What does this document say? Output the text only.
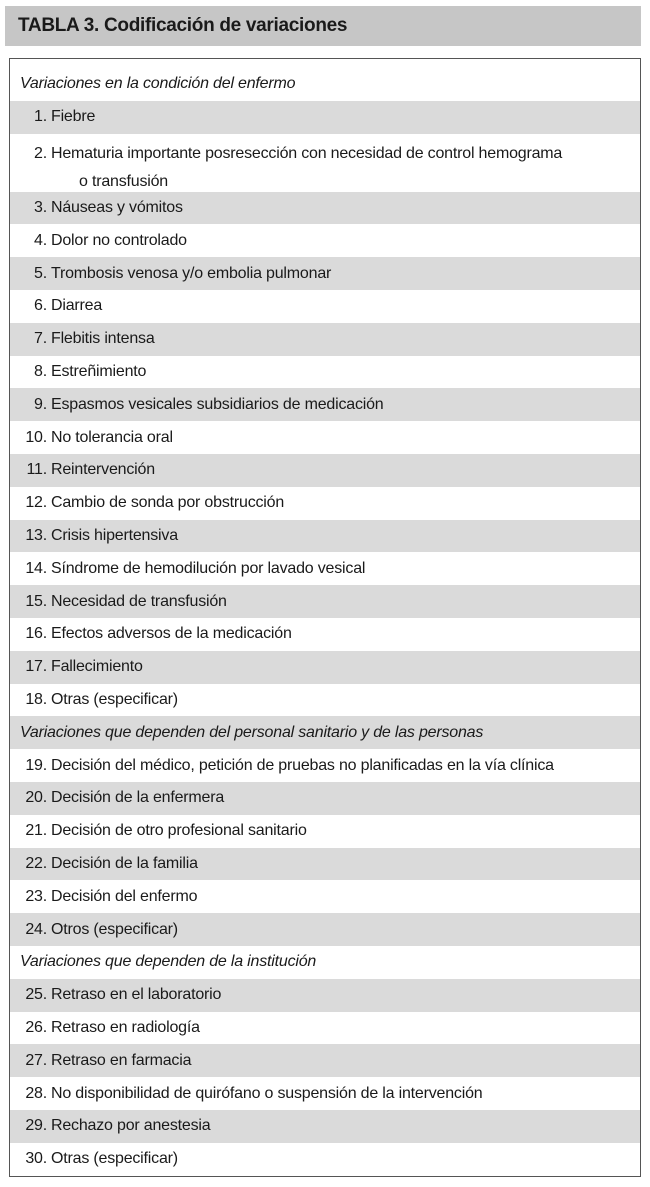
TABLA 3. Codificación de variaciones
Variaciones en la condición del enfermo
1. Fiebre
2. Hematuria importante posresección con necesidad de control hemograma
o transfusión
3. Náuseas y vómitos
4. Dolor no controlado
5. Trombosis venosa y/o embolia pulmonar
6. Diarrea
7. Flebitis intensa
8. Estreñimiento
9. Espasmos vesicales subsidiarios de medicación
10. No tolerancia oral
11. Reintervención
12. Cambio de sonda por obstrucción
13. Crisis hipertensiva
14. Síndrome de hemodilución por lavado vesical
15. Necesidad de transfusión
16. Efectos adversos de la medicación
17. Fallecimiento
18. Otras (especificar)
Variaciones que dependen del personal sanitario y de las personas
19. Decisión del médico, petición de pruebas no planificadas en la vía clínica
20. Decisión de la enfermera
21. Decisión de otro profesional sanitario
22. Decisión de la familia
23. Decisión del enfermo
24. Otros (especificar)
Variaciones que dependen de la institución
25. Retraso en el laboratorio
26. Retraso en radiología
27. Retraso en farmacia
28. No disponibilidad de quirófano o suspensión de la intervención
29. Rechazo por anestesia
30. Otras (especificar)
